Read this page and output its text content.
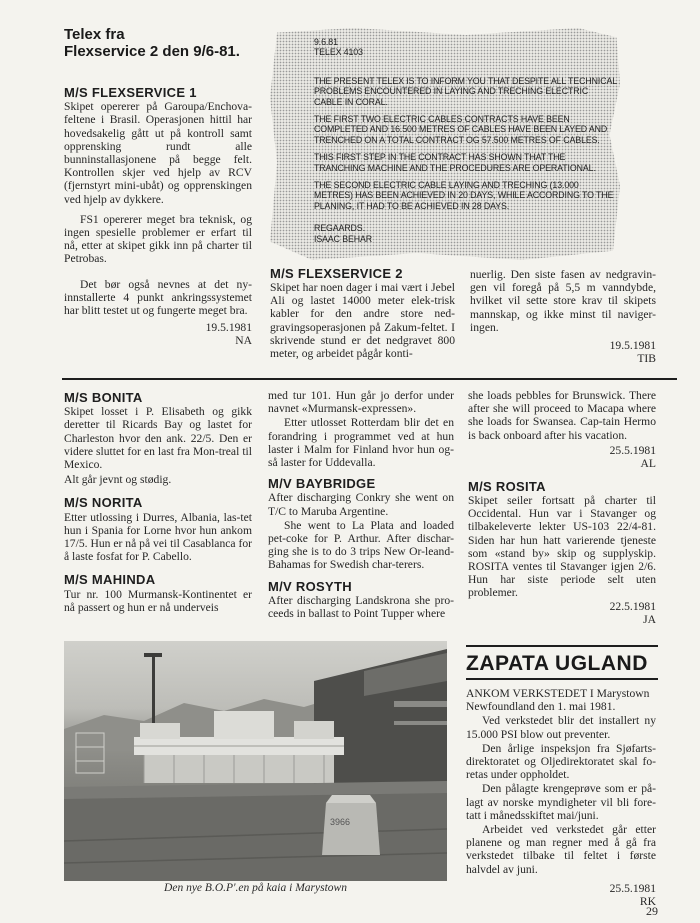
Telex fra
Flexservice 2 den 9/6-81.
9.6.81
TELEX 4103
THE PRESENT TELEX IS TO INFORM YOU THAT DESPITE ALL TECHNICAL PROBLEMS ENCOUNTERED IN LAYING AND TRECHING ELECTRIC CABLE IN CORAL.
THE FIRST TWO ELECTRIC CABLES CONTRACTS HAVE BEEN COMPLETED AND 16.500 METRES OF CABLES HAVE BEEN LAYED AND TRENCHED ON A TOTAL CONTRACT OG 57.500 METRES OF CABLES.
THIS FIRST STEP IN THE CONTRACT HAS SHOWN THAT THE TRANCHING MACHINE AND THE PROCEDURES ARE OPERATIONAL.
THE SECOND ELECTRIC CABLE LAYING AND TRECHING (13.000 METRES) HAS BEEN ACHIEVED IN 20 DAYS, WHILE ACCORDING TO THE PLANING, IT HAD TO BE ACHIEVED IN 28 DAYS.
REGAARDS.
ISAAC BEHAR
M/S FLEXSERVICE 1

Skipet opererer på Garoupa/Enchova-feltene i Brasil. Operasjonen hittil har hovedsakelig gått ut på kontroll samt opprensking rundt alle bunninstallasjonene på begge felt. Kontrollen skjer ved hjelp av RCV (fjernstyrt mini-ubåt) og opprenskingen ved hjelp av dykkere.

FS1 opererer meget bra teknisk, og ingen spesielle problemer er erfart til nå, etter at skipet gikk inn på charter til Petrobas.

Det bør også nevnes at det ny-innstallerte 4 punkt ankringssystemet har blitt testet ut og fungerte meget bra.

19.5.1981
NA
M/S FLEXSERVICE 2
Skipet har noen dager i mai vært i Jebel Ali og lastet 14000 meter elek-trisk kabler for den andre store ned-gravingsoperasjonen på Zakum-feltet. I skrivende stund er det nedgravet 800 meter, og arbeidet pågår konti-

nuerlig. Den siste fasen av nedgravin-gen vil foregå på 5,5 m vanndybde, hvilket vil sette store krav til skipets mannskap, og ikke minst til naviger-ingen.

19.5.1981
TIB
M/S BONITA

Skipet losset i P. Elisabeth og gikk deretter til Ricards Bay og lastet for Charleston hvor den ank. 22/5. Den er videre sluttet for en last fra Mon-treal til Mexico.

Alt går jevnt og stødig.

M/S NORITA

Etter utlossing i Durres, Albania, las-tet hun i Spania for Lorne hvor hun ankom 17/5. Hun er nå på vei til Casablanca for å laste fosfat for P. Cabello.

M/S MAHINDA

Tur nr. 100 Murmansk-Kontinentet er nå passert og hun er nå underveis

med tur 101. Hun går jo derfor under navnet «Murmansk-expressen».

Etter utlosset Rotterdam blir det en forandring i programmet ved at hun laster i Malm for Finland hvor hun og-så laster for Uddevalla.

M/V BAYBRIDGE

After discharging Conkry she went on T/C to Maruba Argentine.

She went to La Plata and loaded pet-coke for P. Arthur. After dischar-ging she is to do 3 trips New Or-leand-Bahamas for Swedish char-terers.

M/V ROSYTH

After discharging Landskrona she pro-ceeds in ballast to Point Tupper where

she loads pebbles for Brunswick. There after she will proceed to Macapa where she loads for Swansea. Cap-tain Hermo is back onboard after his vacation.

25.5.1981
AL
M/S ROSITA

Skipet seiler fortsatt på charter til Occidental. Hun var i Stavanger og tilbakeleverte lekter US-103 22/4-81. Siden har hun hatt varierende tjeneste som «stand by» skip og supplyskip. ROSITA ventes til Stavanger igjen 2/6. Hun har siste periode selt uten problemer.

22.5.1981
JA
ZAPATA UGLAND

ANKOM VERKSTEDET I Marystown Newfoundland den 1. mai 1981.

Ved verkstedet blir det installert ny 15.000 PSI blow out preventer.

Den årlige inspeksjon fra Sjøfarts-direktoratet og Oljedirektoratet skal fo-retas under oppholdet.

Den pålagte krengeprøve som er på-lagt av norske myndigheter vil bli fore-tatt i månedsskiftet mai/juni.

Arbeidet ved verkstedet går etter planene og man regner med å gå fra verkstedet tilbake til feltet i første halvdel av juni.

25.5.1981
RK
3966
Den nye B.O.P'.en på kaia i Marystown
29
